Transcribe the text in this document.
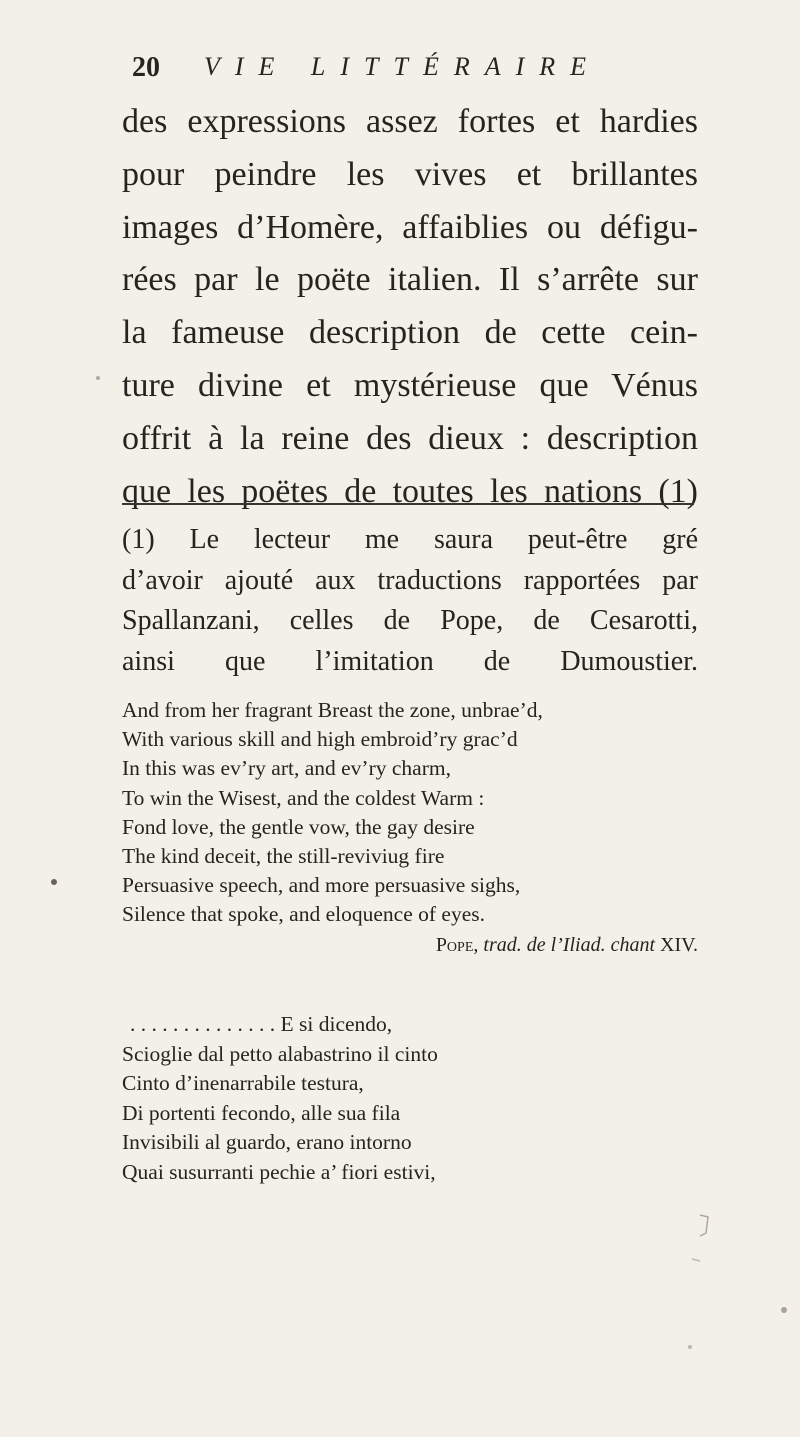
20 VIE LITTÉRAIRE
des expressions assez fortes et hardies
pour peindre les vives et brillantes
images d’Homère, affaiblies ou défigu-
rées par le poëte italien. Il s’arrête sur
la fameuse description de cette cein-
ture divine et mystérieuse que Vénus
offrit à la reine des dieux : description
que les poëtes de toutes les nations (1)
(1) Le lecteur me saura peut-être gré
d’avoir ajouté aux traductions rapportées par
Spallanzani, celles de Pope, de Cesarotti,
ainsi que l’imitation de Dumoustier.
And from her fragrant Breast the zone, unbrae’d,
With various skill and high embroid’ry grac’d
In this was ev’ry art, and ev’ry charm,
To win the Wisest, and the coldest Warm :
Fond love, the gentle vow, the gay desire
The kind deceit, the still-reviviug fire
Persuasive speech, and more persuasive sighs,
Silence that spoke, and eloquence of eyes.
Pope, trad. de l’Iliad. chant XIV.
. . . . . . . . . . . . . . E si dicendo,
Scioglie dal petto alabastrino il cinto
Cinto d’inenarrabile testura,
Di portenti fecondo, alle sua fila
Invisibili al guardo, erano intorno
Quai susurranti pechie a’ fiori estivi,
